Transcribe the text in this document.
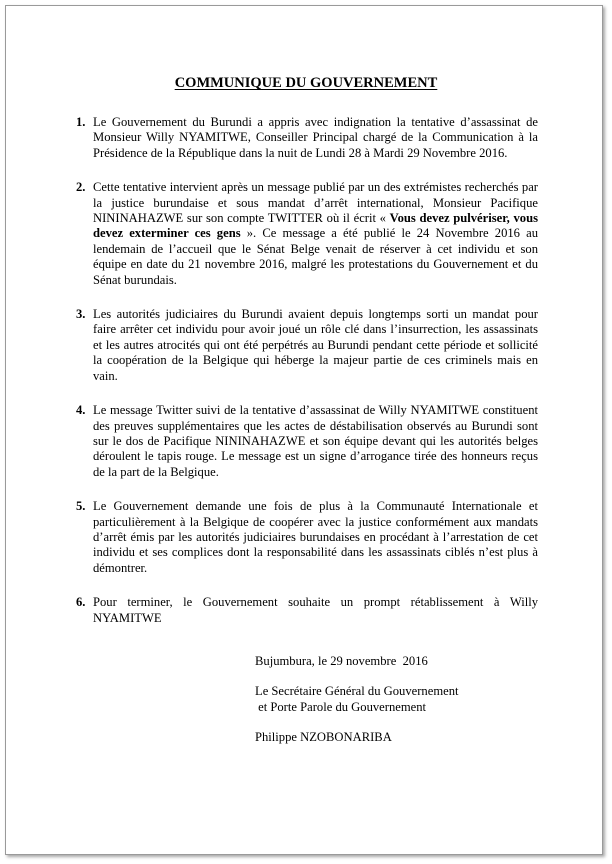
COMMUNIQUE DU GOUVERNEMENT
1. Le Gouvernement du Burundi a appris avec indignation la tentative d’assassinat de Monsieur Willy NYAMITWE, Conseiller Principal chargé de la Communication à la Présidence de la République dans la nuit de Lundi 28 à Mardi 29 Novembre 2016.
2. Cette tentative intervient après un message publié par un des extrémistes recherchés par la justice burundaise et sous mandat d’arrêt international, Monsieur Pacifique NININAHAZWE sur son compte TWITTER où il écrit « Vous devez pulvériser, vous devez exterminer ces gens ». Ce message a été publié le 24 Novembre 2016 au lendemain de l’accueil que le Sénat Belge venait de réserver à cet individu et son équipe en date du 21 novembre 2016, malgré les protestations du Gouvernement et du Sénat burundais.
3. Les autorités judiciaires du Burundi avaient depuis longtemps sorti un mandat pour faire arrêter cet individu pour avoir joué un rôle clé dans l’insurrection, les assassinats et les autres atrocités qui ont été perpétrés au Burundi pendant cette période et sollicité la coopération de la Belgique qui héberge la majeur partie de ces criminels mais en vain.
4. Le message Twitter suivi de la tentative d’assassinat de Willy NYAMITWE constituent des preuves supplémentaires que les actes de déstabilisation observés au Burundi sont sur le dos de Pacifique NININAHAZWE et son équipe devant qui les autorités belges déroulent le tapis rouge. Le message est un signe d’arrogance tirée des honneurs reçus de la part de la Belgique.
5. Le Gouvernement demande une fois de plus à la Communauté Internationale et particulièrement à la Belgique de coopérer avec la justice conformément aux mandats d’arrêt émis par les autorités judiciaires burundaises en procédant à l’arrestation de cet individu et ses complices dont la responsabilité dans les assassinats ciblés n’est plus à démontrer.
6. Pour terminer, le Gouvernement souhaite un prompt rétablissement à Willy NYAMITWE
Bujumbura, le 29 novembre  2016
Le Secrétaire Général du Gouvernement
et Porte Parole du Gouvernement
Philippe NZOBONARIBA
